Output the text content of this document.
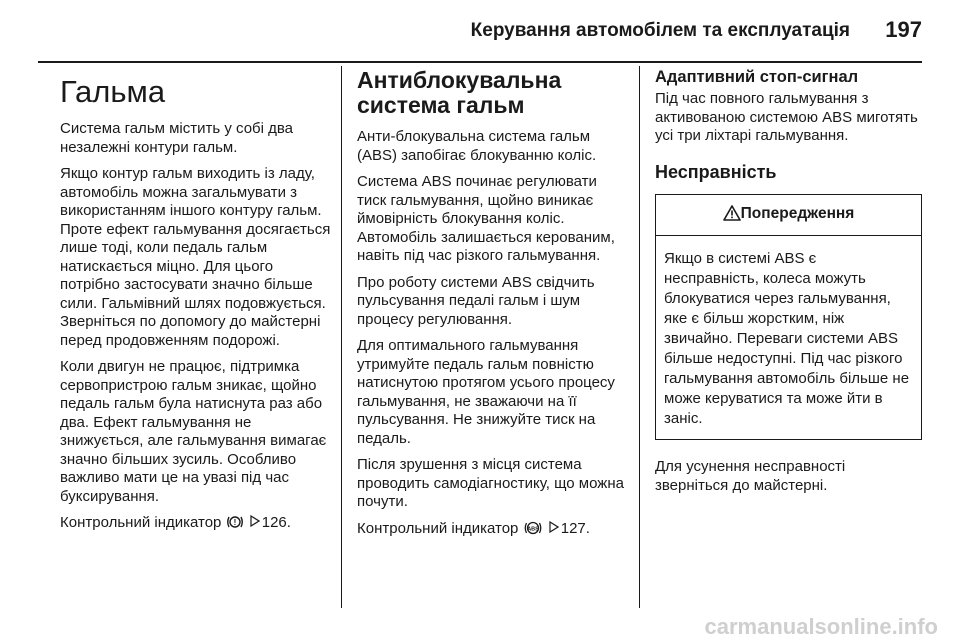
Керування автомобілем та експлуатація 197
Гальма

Система гальм містить у собі два незалежні контури гальм.

Якщо контур гальм виходить із ладу, автомобіль можна загальмувати з використанням іншого контуру гальм. Проте ефект гальмування досягається лише тоді, коли педаль гальм натискається міцно. Для цього потрібно застосувати значно більше сили. Гальмівний шлях подовжується. Зверніться по допомогу до майстерні перед продовженням подорожі.

Коли двигун не працює, підтримка сервопристрою гальм зникає, щойно педаль гальм була натиснута раз або два. Ефект гальмування не знижується, але гальмування вимагає значно більших зусиль. Особливо важливо мати це на увазі під час буксирування.

Контрольний індикатор ! 126.

Антиблокувальна система гальм

Анти-блокувальна система гальм (ABS) запобігає блокуванню коліс.

Система ABS починає регулювати тиск гальмування, щойно виникає ймовірність блокування коліс. Автомобіль залишається керованим, навіть під час різкого гальмування.

Про роботу системи ABS свідчить пульсування педалі гальм і шум процесу регулювання.

Для оптимального гальмування утримуйте педаль гальм повністю натиснутою протягом усього процесу гальмування, не зважаючи на її пульсування. Не знижуйте тиск на педаль.

Після зрушення з місця система проводить самодіагностику, що можна почути.

Контрольний індикатор ABS 127.

Адаптивний стоп-сигнал

Під час повного гальмування з активованою системою ABS миготять усі три ліхтарі гальмування.

Несправність
Попередження
Якщо в системі ABS є несправність, колеса можуть блокуватися через гальмування, яке є більш жорстким, ніж звичайно. Переваги системи ABS більше недоступні. Під час різкого гальмування автомобіль більше не може керуватися та може йти в заніс.

Для усунення несправності зверніться до майстерні.

carmanualsonline.info
